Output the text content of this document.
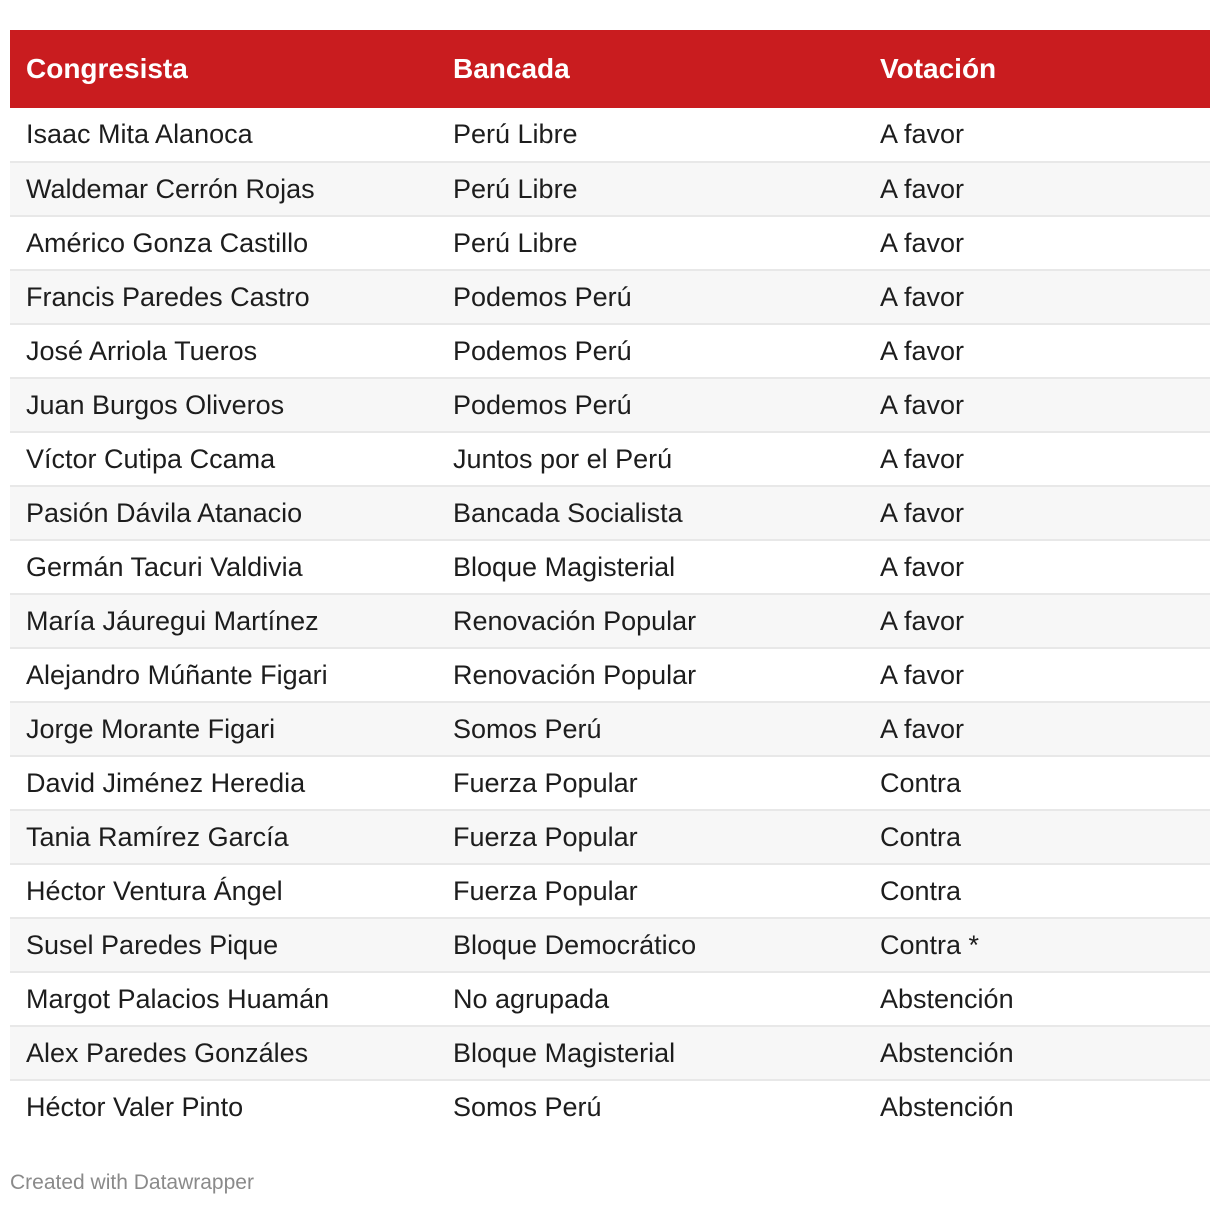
Congresista	Bancada	Votación
Isaac Mita Alanoca	Perú Libre	A favor
Waldemar Cerrón Rojas	Perú Libre	A favor
Américo Gonza Castillo	Perú Libre	A favor
Francis Paredes Castro	Podemos Perú	A favor
José Arriola Tueros	Podemos Perú	A favor
Juan Burgos Oliveros	Podemos Perú	A favor
Víctor Cutipa Ccama	Juntos por el Perú	A favor
Pasión Dávila Atanacio	Bancada Socialista	A favor
Germán Tacuri Valdivia	Bloque Magisterial	A favor
María Jáuregui Martínez	Renovación Popular	A favor
Alejandro Múñante Figari	Renovación Popular	A favor
Jorge Morante Figari	Somos Perú	A favor
David Jiménez Heredia	Fuerza Popular	Contra
Tania Ramírez García	Fuerza Popular	Contra
Héctor Ventura Ángel	Fuerza Popular	Contra
Susel Paredes Pique	Bloque Democrático	Contra *
Margot Palacios Huamán	No agrupada	Abstención
Alex Paredes Gonzáles	Bloque Magisterial	Abstención
Héctor Valer Pinto	Somos Perú	Abstención
Created with Datawrapper
